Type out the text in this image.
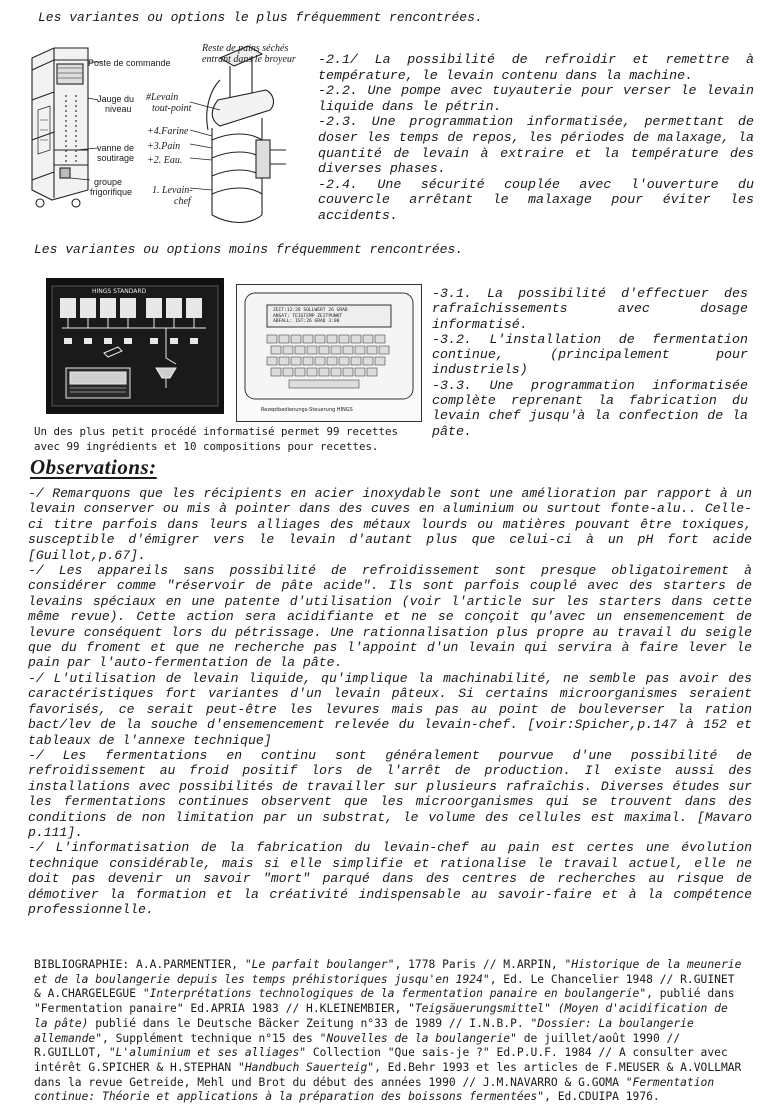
Les variantes ou options le plus fréquemment rencontrées.
Poste de commande
Jauge du
niveau
vanne de
soutirage
groupe
frigorifique
Reste de pains séchés
entrant dans le broyeur
#Levain
tout-point
+4.Farine
+3.Pain
+2. Eau.
1. Levain-
chef

-2.1/ La possibilité de refroidir et remettre à température, le levain contenu dans la machine.

-2.2. Une pompe avec tuyauterie pour verser le levain liquide dans le pétrin.

-2.3. Une programmation informatisée, permettant de doser les temps de repos, les périodes de malaxage, la quantité de levain à extraire et la température des diverses phases.

-2.4. Une sécurité couplée avec l'ouverture du couvercle arrêtant le malaxage pour éviter les accidents.

Les variantes ou options moins fréquemment rencontrées.
HINGS STANDARD
ZEIT:12:28 SOLLWERT 26 GRAD
ANSAT: TEIGTEMP ZEITPUNKT
ABFALL: IST:26 GRAD 3:00
Rezeptbedienungs-Steuerung HINGS
Un des plus petit procédé informatisé permet 99 recettes
avec 99 ingrédients et 10 compositions pour recettes.

-3.1. La possibilité d'effectuer des rafraîchissements avec dosage informatisé.

-3.2. L'installation de fermentation continue, (principalement pour industriels)

-3.3. Une programmation informatisée complète reprenant la fabrication du levain chef jusqu'à la confection de la pâte.

Observations:

-/ Remarquons que les récipients en acier inoxydable sont une amélioration par rapport à un levain conserver ou mis à pointer dans des cuves en aluminium ou surtout fonte-alu.. Celle-ci titre parfois dans leurs alliages des métaux lourds ou matières pouvant être toxiques, susceptible d'émigrer vers le levain d'autant plus que celui-ci à un pH fort acide [Guillot,p.67].

-/ Les appareils sans possibilité de refroidissement sont presque obligatoirement à considérer comme "réservoir de pâte acide". Ils sont parfois couplé avec des starters de levains spéciaux en une patente d'utilisation (voir l'article sur les starters dans cette même revue). Cette action sera acidifiante et ne se conçoit qu'avec un ensemencement de levure conséquent lors du pétrissage. Une rationnalisation plus propre au travail du seigle que du froment et que ne recherche pas l'appoint d'un levain qui servira à faire lever le pain par l'auto-fermentation de la pâte.

-/ L'utilisation de levain liquide, qu'implique la machinabilité, ne semble pas avoir des caractéristiques fort variantes d'un levain pâteux. Si certains microorganismes seraient favorisés, ce serait peut-être les levures mais pas au point de bouleverser la ration bact/lev de la souche d'ensemencement relevée du levain-chef. [voir:Spicher,p.147 à 152 et tableaux de l'annexe technique]

-/ Les fermentations en continu sont généralement pourvue d'une possibilité de refroidissement au froid positif lors de l'arrêt de production. Il existe aussi des installations avec possibilités de travailler sur plusieurs rafraîchis. Diverses études sur les fermentations continues observent que les microorganismes qui se trouvent dans des conditions de non limitation par un substrat, le volume des cellules est maximal. [Mavaro p.111].

-/ L'informatisation de la fabrication du levain-chef au pain est certes une évolution technique considérable, mais si elle simplifie et rationalise le travail actuel, elle ne doit pas devenir un savoir "mort" parqué dans des centres de recherches au risque de démotiver la formation et la créativité indispensable au savoir-faire et à la compétence professionnelle.

BIBLIOGRAPHIE: A.A.PARMENTIER, "Le parfait boulanger", 1778 Paris // M.ARPIN, "Historique de la meunerie et de la boulangerie depuis les temps préhistoriques jusqu'en 1924", Ed. Le Chancelier 1948 // R.GUINET & A.CHARGELEGUE "Interprétations technologiques de la fermentation panaire en boulangerie", publié dans "Fermentation panaire" Ed.APRIA 1983 // H.KLEINEMBIER, "Teigsäuerungsmittel" (Moyen d'acidification de la pâte) publié dans le Deutsche Bäcker Zeitung n°33 de 1989 // I.N.B.P. "Dossier: La boulangerie allemande", Supplément technique n°15 des "Nouvelles de la boulangerie" de juillet/août 1990 // R.GUILLOT, "L'aluminium et ses alliages" Collection "Que sais-je ?" Ed.P.U.F. 1984 // A consulter avec intérêt G.SPICHER & H.STEPHAN "Handbuch Sauerteig", Ed.Behr 1993 et les articles de F.MEUSER & A.VOLLMAR dans la revue Getreide, Mehl und Brot du début des années 1990 // J.M.NAVARRO & G.GOMA "Fermentation continue: Théorie et applications à la préparation des boissons fermentées", Ed.CDUIPA 1976.
